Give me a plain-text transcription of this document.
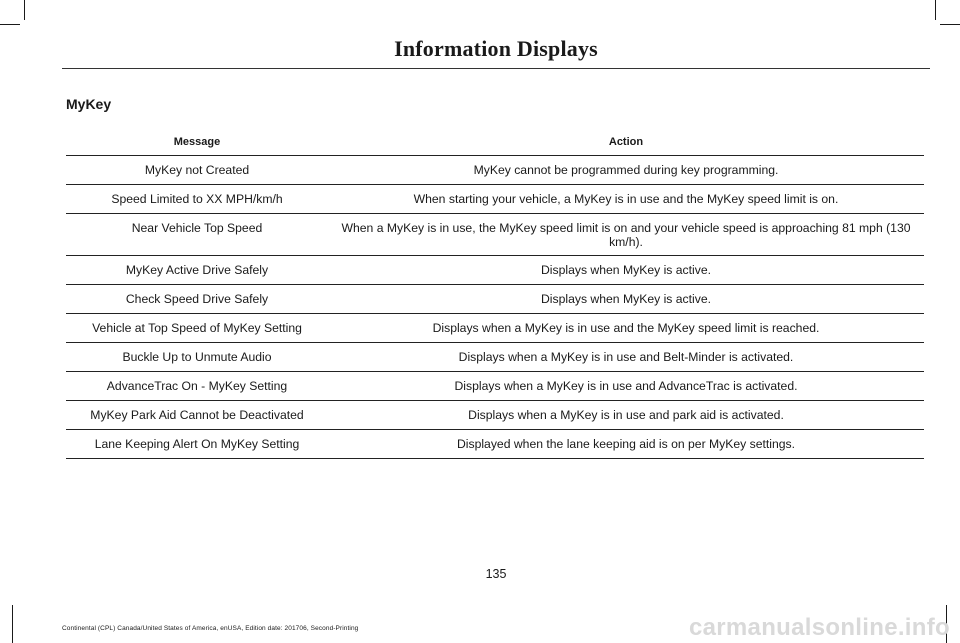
Information Displays
MyKey
Message	Action
MyKey not Created	MyKey cannot be programmed during key programming.
Speed Limited to XX MPH/km/h	When starting your vehicle, a MyKey is in use and the MyKey speed limit is on.
Near Vehicle Top Speed	When a MyKey is in use, the MyKey speed limit is on and your vehicle speed is approaching 81 mph (130 km/h).
MyKey Active Drive Safely	Displays when MyKey is active.
Check Speed Drive Safely	Displays when MyKey is active.
Vehicle at Top Speed of MyKey Setting	Displays when a MyKey is in use and the MyKey speed limit is reached.
Buckle Up to Unmute Audio	Displays when a MyKey is in use and Belt-Minder is activated.
AdvanceTrac On - MyKey Setting	Displays when a MyKey is in use and AdvanceTrac is activated.
MyKey Park Aid Cannot be Deactivated	Displays when a MyKey is in use and park aid is activated.
Lane Keeping Alert On MyKey Setting	Displayed when the lane keeping aid is on per MyKey settings.
135
Continental (CPL) Canada/United States of America, enUSA, Edition date: 201706, Second-Printing	carmanualsonline.info
